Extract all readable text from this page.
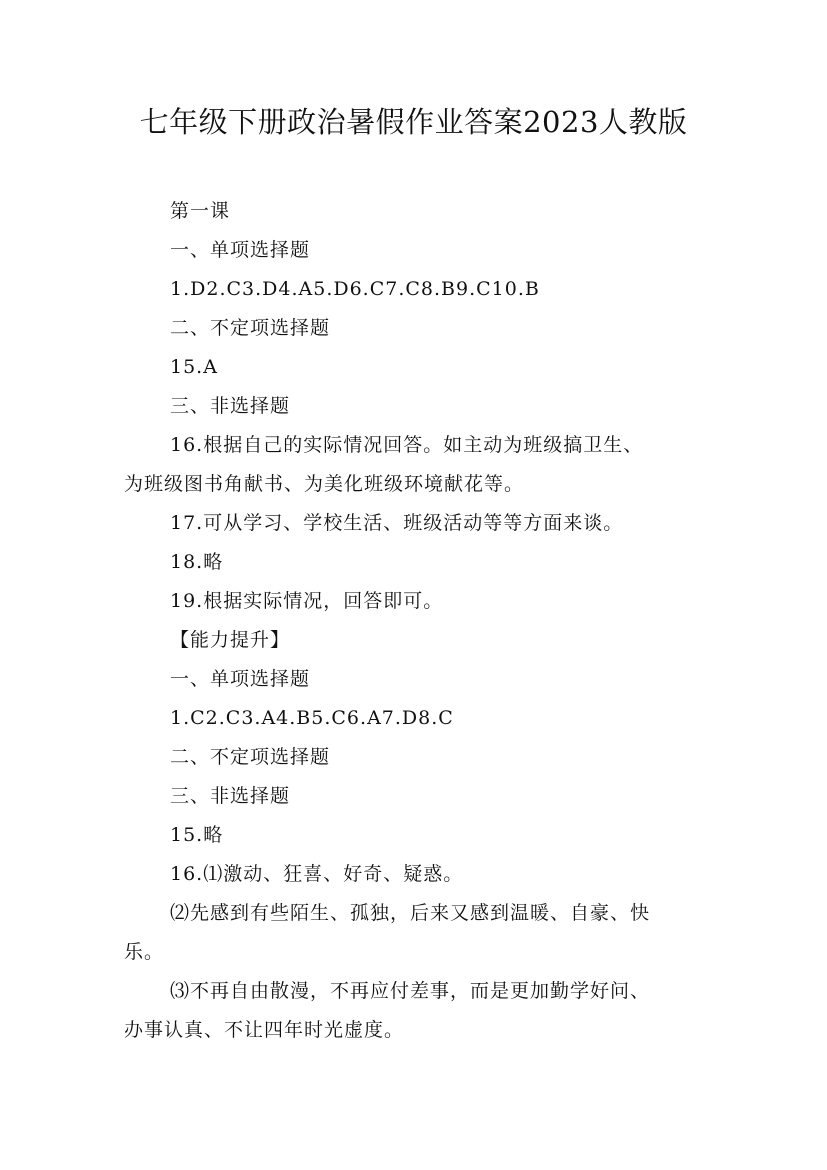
七年级下册政治暑假作业答案2023人教版
第一课
一、单项选择题
1.D2.C3.D4.A5.D6.C7.C8.B9.C10.B
二、不定项选择题
15.A
三、非选择题
16.根据自己的实际情况回答。如主动为班级搞卫生、
为班级图书角献书、为美化班级环境献花等。
17.可从学习、学校生活、班级活动等等方面来谈。
18.略
19.根据实际情况，回答即可。
【能力提升】
一、单项选择题
1.C2.C3.A4.B5.C6.A7.D8.C
二、不定项选择题
三、非选择题
15.略
16.⑴激动、狂喜、好奇、疑惑。
⑵先感到有些陌生、孤独，后来又感到温暖、自豪、快
乐。
⑶不再自由散漫，不再应付差事，而是更加勤学好问、
办事认真、不让四年时光虚度。
